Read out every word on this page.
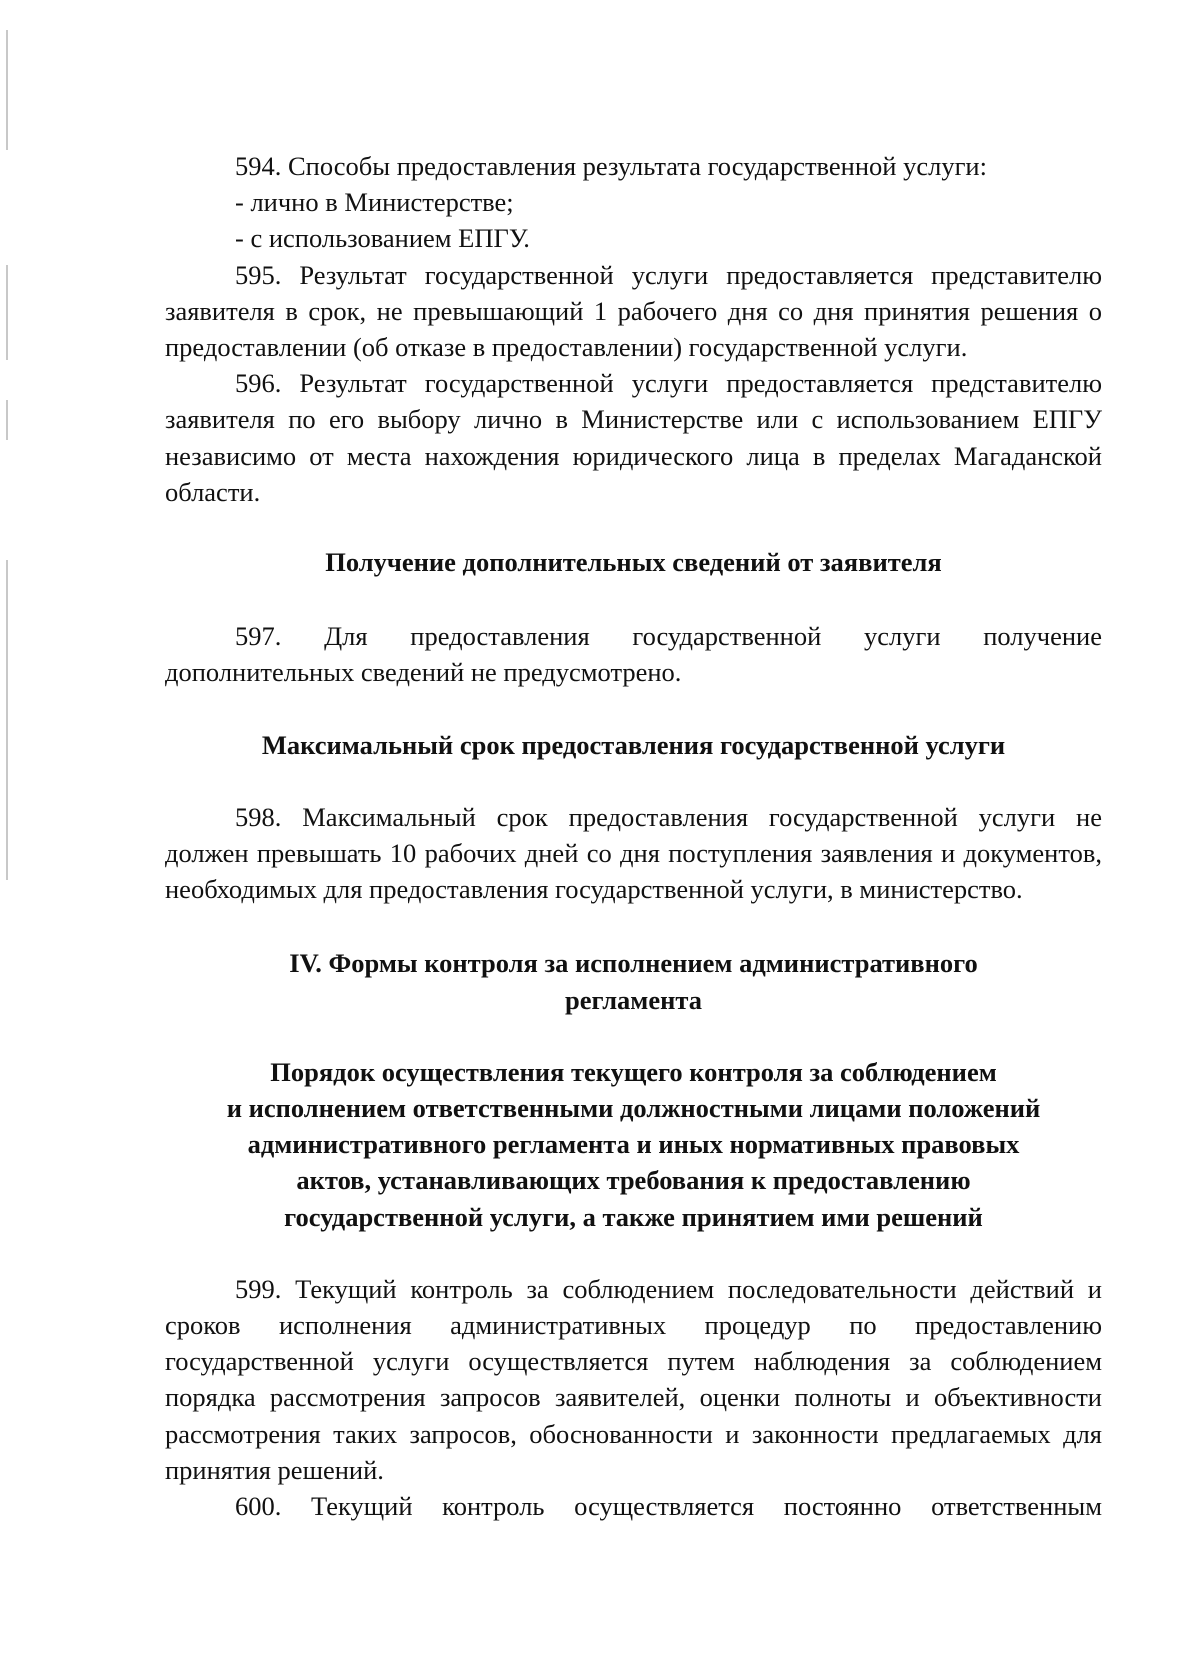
594. Способы предоставления результата государственной услуги:

- лично в Министерстве;

- с использованием ЕПГУ.

595. Результат государственной услуги предоставляется представителю заявителя в срок, не превышающий 1 рабочего дня со дня принятия решения о предоставлении (об отказе в предоставлении) государственной услуги.

596. Результат государственной услуги предоставляется представителю заявителя по его выбору лично в Министерстве или с использованием ЕПГУ независимо от места нахождения юридического лица в пределах Магаданской области.

Получение дополнительных сведений от заявителя

597. Для предоставления государственной услуги получение дополнительных сведений не предусмотрено.

Максимальный срок предоставления государственной услуги

598. Максимальный срок предоставления государственной услуги не должен превышать 10 рабочих дней со дня поступления заявления и документов, необходимых для предоставления государственной услуги, в министерство.

IV. Формы контроля за исполнением административного
регламента

Порядок осуществления текущего контроля за соблюдением
и исполнением ответственными должностными лицами положений
административного регламента и иных нормативных правовых
актов, устанавливающих требования к предоставлению
государственной услуги, а также принятием ими решений

599. Текущий контроль за соблюдением последовательности действий и сроков исполнения административных процедур по предоставлению государственной услуги осуществляется путем наблюдения за соблюдением порядка рассмотрения запросов заявителей, оценки полноты и объективности рассмотрения таких запросов, обоснованности и законности предлагаемых для принятия решений.

600. Текущий контроль осуществляется постоянно ответственным
